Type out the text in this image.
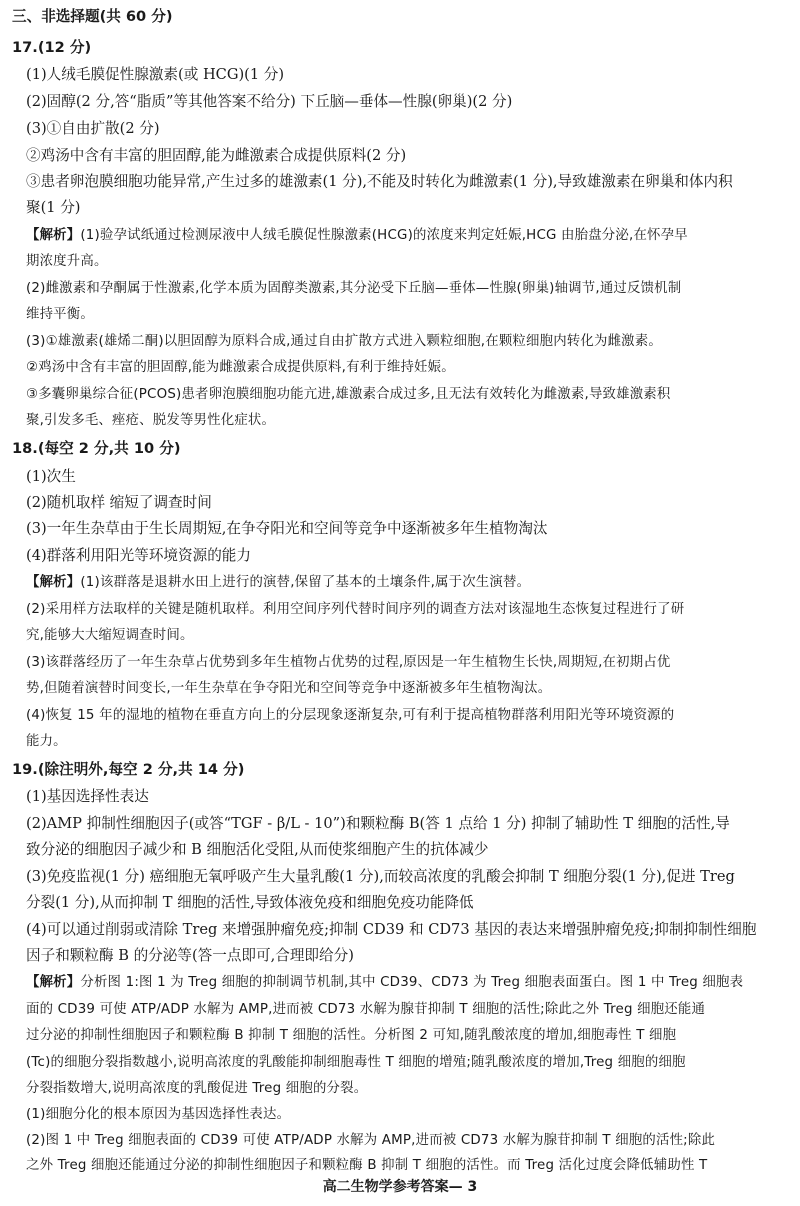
三、非选择题(共 60 分)
17.(12 分)
(1)人绒毛膜促性腺激素(或 HCG)(1 分)
(2)固醇(2 分,答“脂质”等其他答案不给分) 下丘脑—垂体—性腺(卵巢)(2 分)
(3)①自由扩散(2 分)
②鸡汤中含有丰富的胆固醇,能为雌激素合成提供原料(2 分)
③患者卵泡膜细胞功能异常,产生过多的雄激素(1 分),不能及时转化为雌激素(1 分),导致雄激素在卵巢和体内积
聚(1 分)
【解析】(1)验孕试纸通过检测尿液中人绒毛膜促性腺激素(HCG)的浓度来判定妊娠,HCG 由胎盘分泌,在怀孕早
期浓度升高。
(2)雌激素和孕酮属于性激素,化学本质为固醇类激素,其分泌受下丘脑—垂体—性腺(卵巢)轴调节,通过反馈机制
维持平衡。
(3)①雄激素(雄烯二酮)以胆固醇为原料合成,通过自由扩散方式进入颗粒细胞,在颗粒细胞内转化为雌激素。
②鸡汤中含有丰富的胆固醇,能为雌激素合成提供原料,有利于维持妊娠。
③多囊卵巢综合征(PCOS)患者卵泡膜细胞功能亢进,雄激素合成过多,且无法有效转化为雌激素,导致雄激素积
聚,引发多毛、痤疮、脱发等男性化症状。
18.(每空 2 分,共 10 分)
(1)次生
(2)随机取样 缩短了调查时间
(3)一年生杂草由于生长周期短,在争夺阳光和空间等竞争中逐渐被多年生植物淘汰
(4)群落利用阳光等环境资源的能力
【解析】(1)该群落是退耕水田上进行的演替,保留了基本的土壤条件,属于次生演替。
(2)采用样方法取样的关键是随机取样。利用空间序列代替时间序列的调查方法对该湿地生态恢复过程进行了研
究,能够大大缩短调查时间。
(3)该群落经历了一年生杂草占优势到多年生植物占优势的过程,原因是一年生植物生长快,周期短,在初期占优
势,但随着演替时间变长,一年生杂草在争夺阳光和空间等竞争中逐渐被多年生植物淘汰。
(4)恢复 15 年的湿地的植物在垂直方向上的分层现象逐渐复杂,可有利于提高植物群落利用阳光等环境资源的
能力。
19.(除注明外,每空 2 分,共 14 分)
(1)基因选择性表达
(2)AMP 抑制性细胞因子(或答“TGF - β/L - 10”)和颗粒酶 B(答 1 点给 1 分) 抑制了辅助性 T 细胞的活性,导
致分泌的细胞因子减少和 B 细胞活化受阻,从而使浆细胞产生的抗体减少
(3)免疫监视(1 分) 癌细胞无氧呼吸产生大量乳酸(1 分),而较高浓度的乳酸会抑制 T 细胞分裂(1 分),促进 Treg
分裂(1 分),从而抑制 T 细胞的活性,导致体液免疫和细胞免疫功能降低
(4)可以通过削弱或清除 Treg 来增强肿瘤免疫;抑制 CD39 和 CD73 基因的表达来增强肿瘤免疫;抑制抑制性细胞
因子和颗粒酶 B 的分泌等(答一点即可,合理即给分)
【解析】分析图 1:图 1 为 Treg 细胞的抑制调节机制,其中 CD39、CD73 为 Treg 细胞表面蛋白。图 1 中 Treg 细胞表
面的 CD39 可使 ATP/ADP 水解为 AMP,进而被 CD73 水解为腺苷抑制 T 细胞的活性;除此之外 Treg 细胞还能通
过分泌的抑制性细胞因子和颗粒酶 B 抑制 T 细胞的活性。分析图 2 可知,随乳酸浓度的增加,细胞毒性 T 细胞
(Tc)的细胞分裂指数越小,说明高浓度的乳酸能抑制细胞毒性 T 细胞的增殖;随乳酸浓度的增加,Treg 细胞的细胞
分裂指数增大,说明高浓度的乳酸促进 Treg 细胞的分裂。
(1)细胞分化的根本原因为基因选择性表达。
(2)图 1 中 Treg 细胞表面的 CD39 可使 ATP/ADP 水解为 AMP,进而被 CD73 水解为腺苷抑制 T 细胞的活性;除此
之外 Treg 细胞还能通过分泌的抑制性细胞因子和颗粒酶 B 抑制 T 细胞的活性。而 Treg 活化过度会降低辅助性 T
高二生物学参考答案— 3
